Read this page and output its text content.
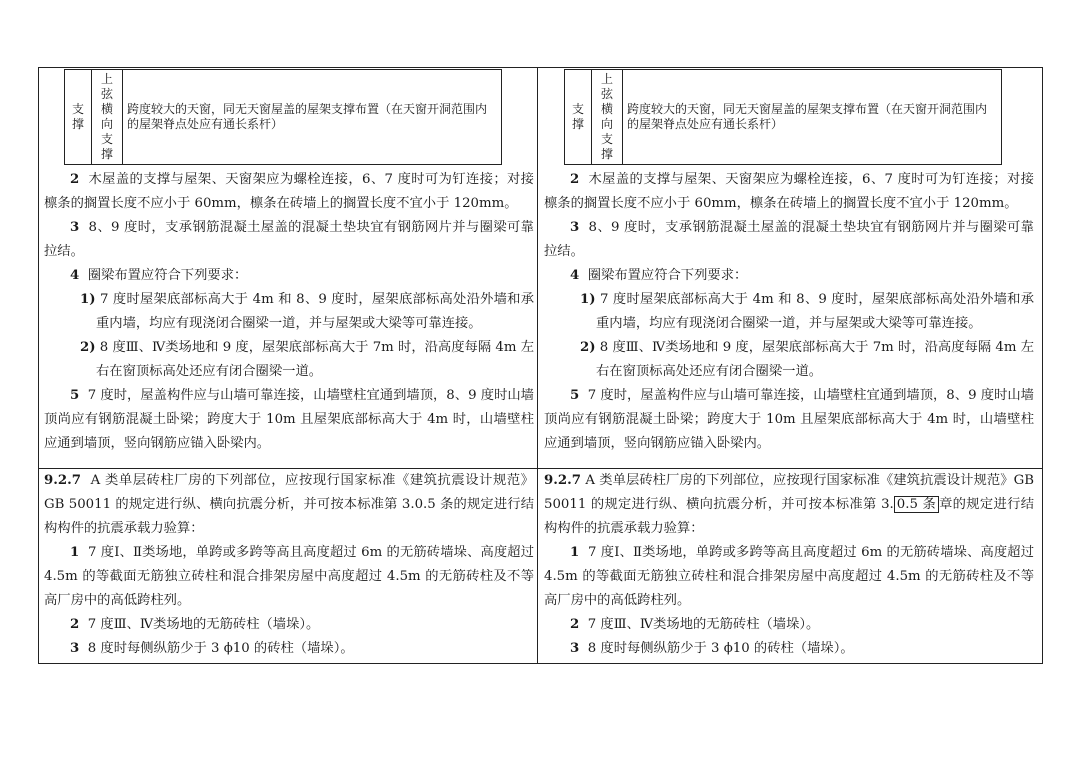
支撑	上弦横向支撑	跨度较大的天窗，同无天窗屋盖的屋架支撑布置（在天窗开洞范围内的屋架脊点处应有通长系杆）

2 木屋盖的支撑与屋架、天窗架应为螺栓连接，6、7 度时可为钉连接；对接檩条的搁置长度不应小于 60mm，檩条在砖墙上的搁置长度不宜小于 120mm。

3 8、9 度时，支承钢筋混凝土屋盖的混凝土垫块宜有钢筋网片并与圈梁可靠拉结。

4 圈梁布置应符合下列要求：

1) 7 度时屋架底部标高大于 4m 和 8、9 度时，屋架底部标高处沿外墙和承重内墙，均应有现浇闭合圈梁一道，并与屋架或大梁等可靠连接。

2) 8 度Ⅲ、Ⅳ类场地和 9 度，屋架底部标高大于 7m 时，沿高度每隔 4m 左右在窗顶标高处还应有闭合圈梁一道。

5 7 度时，屋盖构件应与山墙可靠连接，山墙壁柱宜通到墙顶，8、9 度时山墙顶尚应有钢筋混凝土卧梁；跨度大于 10m 且屋架底部标高大于 4m 时，山墙壁柱应通到墙顶，竖向钢筋应锚入卧梁内。

9.2.7 A 类单层砖柱厂房的下列部位，应按现行国家标准《建筑抗震设计规范》GB 50011 的规定进行纵、横向抗震分析，并可按本标准第 3.0.5 条的规定进行结构构件的抗震承载力验算：

1 7 度Ⅰ、Ⅱ类场地，单跨或多跨等高且高度超过 6m 的无筋砖墙垛、高度超过 4.5m 的等截面无筋独立砖柱和混合排架房屋中高度超过 4.5m 的无筋砖柱及不等高厂房中的高低跨柱列。

2 7 度Ⅲ、Ⅳ类场地的无筋砖柱（墙垛）。

3 8 度时每侧纵筋少于 3 ϕ10 的砖柱（墙垛）。

支撑	上弦横向支撑	跨度较大的天窗，同无天窗屋盖的屋架支撑布置（在天窗开洞范围内的屋架脊点处应有通长系杆）

2 木屋盖的支撑与屋架、天窗架应为螺栓连接，6、7 度时可为钉连接；对接檩条的搁置长度不应小于 60mm，檩条在砖墙上的搁置长度不宜小于 120mm。

3 8、9 度时，支承钢筋混凝土屋盖的混凝土垫块宜有钢筋网片并与圈梁可靠拉结。

4 圈梁布置应符合下列要求：

1) 7 度时屋架底部标高大于 4m 和 8、9 度时，屋架底部标高处沿外墙和承重内墙，均应有现浇闭合圈梁一道，并与屋架或大梁等可靠连接。

2) 8 度Ⅲ、Ⅳ类场地和 9 度，屋架底部标高大于 7m 时，沿高度每隔 4m 左右在窗顶标高处还应有闭合圈梁一道。

5 7 度时，屋盖构件应与山墙可靠连接，山墙壁柱宜通到墙顶，8、9 度时山墙顶尚应有钢筋混凝土卧梁；跨度大于 10m 且屋架底部标高大于 4m 时，山墙壁柱应通到墙顶，竖向钢筋应锚入卧梁内。

9.2.7 A 类单层砖柱厂房的下列部位，应按现行国家标准《建筑抗震设计规范》GB 50011 的规定进行纵、横向抗震分析，并可按本标准第 3. 0.5 条 章的规定进行结构构件的抗震承载力验算：

1 7 度Ⅰ、Ⅱ类场地，单跨或多跨等高且高度超过 6m 的无筋砖墙垛、高度超过 4.5m 的等截面无筋独立砖柱和混合排架房屋中高度超过 4.5m 的无筋砖柱及不等高厂房中的高低跨柱列。

2 7 度Ⅲ、Ⅳ类场地的无筋砖柱（墙垛）。

3 8 度时每侧纵筋少于 3 ϕ10 的砖柱（墙垛）。
